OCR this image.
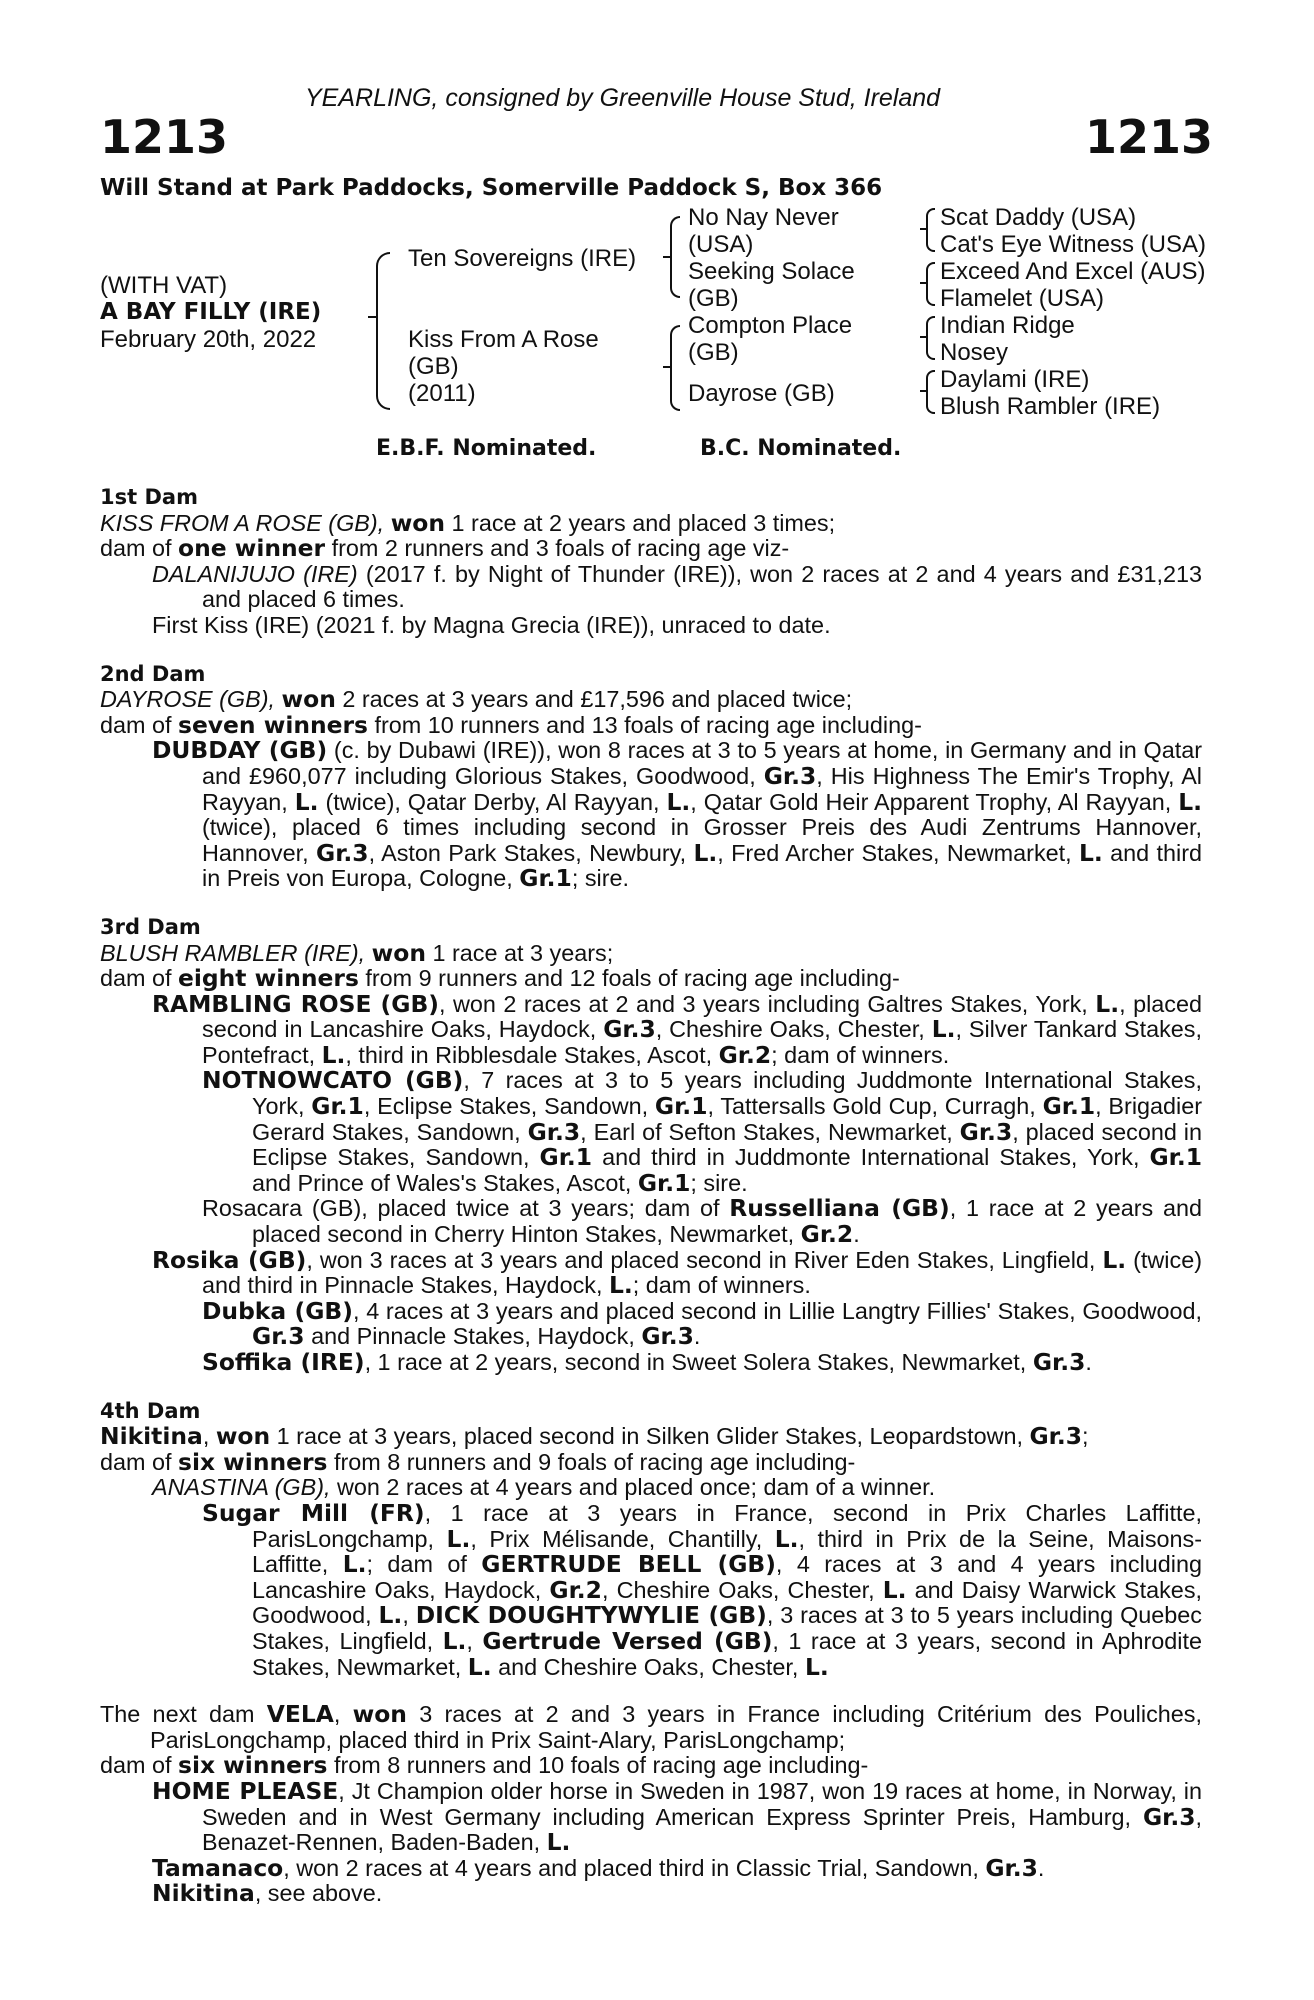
YEARLING, consigned by Greenville House Stud, Ireland
1213	1213
Will Stand at Park Paddocks, Somerville Paddock S, Box 366
(WITH VAT)
A BAY FILLY (IRE)
February 20th, 2022
Ten Sovereigns (IRE)
Kiss From A Rose
(GB)
(2011)
No Nay Never
(USA)
Seeking Solace
(GB)
Compton Place
(GB)
Dayrose (GB)
Scat Daddy (USA)
Cat's Eye Witness (USA)
Exceed And Excel (AUS)
Flamelet (USA)
Indian Ridge
Nosey
Daylami (IRE)
Blush Rambler (IRE)
E.B.F. Nominated.	B.C. Nominated.

1st Dam

KISS FROM A ROSE (GB), won 1 race at 2 years and placed 3 times;

dam of one winner from 2 runners and 3 foals of racing age viz-

DALANIJUJO (IRE) (2017 f. by Night of Thunder (IRE)), won 2 races at 2 and 4 years and £31,213 and placed 6 times.

First Kiss (IRE) (2021 f. by Magna Grecia (IRE)), unraced to date.

2nd Dam

DAYROSE (GB), won 2 races at 3 years and £17,596 and placed twice;

dam of seven winners from 10 runners and 13 foals of racing age including-

DUBDAY (GB) (c. by Dubawi (IRE)), won 8 races at 3 to 5 years at home, in Germany and in Qatar and £960,077 including Glorious Stakes, Goodwood, Gr.3, His Highness The Emir's Trophy, Al Rayyan, L. (twice), Qatar Derby, Al Rayyan, L., Qatar Gold Heir Apparent Trophy, Al Rayyan, L. (twice), placed 6 times including second in Grosser Preis des Audi Zentrums Hannover, Hannover, Gr.3, Aston Park Stakes, Newbury, L., Fred Archer Stakes, Newmarket, L. and third in Preis von Europa, Cologne, Gr.1; sire.

3rd Dam

BLUSH RAMBLER (IRE), won 1 race at 3 years;

dam of eight winners from 9 runners and 12 foals of racing age including-

RAMBLING ROSE (GB), won 2 races at 2 and 3 years including Galtres Stakes, York, L., placed second in Lancashire Oaks, Haydock, Gr.3, Cheshire Oaks, Chester, L., Silver Tankard Stakes, Pontefract, L., third in Ribblesdale Stakes, Ascot, Gr.2; dam of winners.

NOTNOWCATO (GB), 7 races at 3 to 5 years including Juddmonte International Stakes, York, Gr.1, Eclipse Stakes, Sandown, Gr.1, Tattersalls Gold Cup, Curragh, Gr.1, Brigadier Gerard Stakes, Sandown, Gr.3, Earl of Sefton Stakes, Newmarket, Gr.3, placed second in Eclipse Stakes, Sandown, Gr.1 and third in Juddmonte International Stakes, York, Gr.1 and Prince of Wales's Stakes, Ascot, Gr.1; sire.

Rosacara (GB), placed twice at 3 years; dam of Russelliana (GB), 1 race at 2 years and placed second in Cherry Hinton Stakes, Newmarket, Gr.2.

Rosika (GB), won 3 races at 3 years and placed second in River Eden Stakes, Lingfield, L. (twice) and third in Pinnacle Stakes, Haydock, L.; dam of winners.

Dubka (GB), 4 races at 3 years and placed second in Lillie Langtry Fillies' Stakes, Goodwood, Gr.3 and Pinnacle Stakes, Haydock, Gr.3.

Soffika (IRE), 1 race at 2 years, second in Sweet Solera Stakes, Newmarket, Gr.3.

4th Dam

Nikitina, won 1 race at 3 years, placed second in Silken Glider Stakes, Leopardstown, Gr.3;

dam of six winners from 8 runners and 9 foals of racing age including-

ANASTINA (GB), won 2 races at 4 years and placed once; dam of a winner.

Sugar Mill (FR), 1 race at 3 years in France, second in Prix Charles Laffitte, ParisLongchamp, L., Prix Mélisande, Chantilly, L., third in Prix de la Seine, Maisons-Laffitte, L.; dam of GERTRUDE BELL (GB), 4 races at 3 and 4 years including Lancashire Oaks, Haydock, Gr.2, Cheshire Oaks, Chester, L. and Daisy Warwick Stakes, Goodwood, L., DICK DOUGHTYWYLIE (GB), 3 races at 3 to 5 years including Quebec Stakes, Lingfield, L., Gertrude Versed (GB), 1 race at 3 years, second in Aphrodite Stakes, Newmarket, L. and Cheshire Oaks, Chester, L.

The next dam VELA, won 3 races at 2 and 3 years in France including Critérium des Pouliches, ParisLongchamp, placed third in Prix Saint-Alary, ParisLongchamp;

dam of six winners from 8 runners and 10 foals of racing age including-

HOME PLEASE, Jt Champion older horse in Sweden in 1987, won 19 races at home, in Norway, in Sweden and in West Germany including American Express Sprinter Preis, Hamburg, Gr.3, Benazet-Rennen, Baden-Baden, L.

Tamanaco, won 2 races at 4 years and placed third in Classic Trial, Sandown, Gr.3.

Nikitina, see above.
